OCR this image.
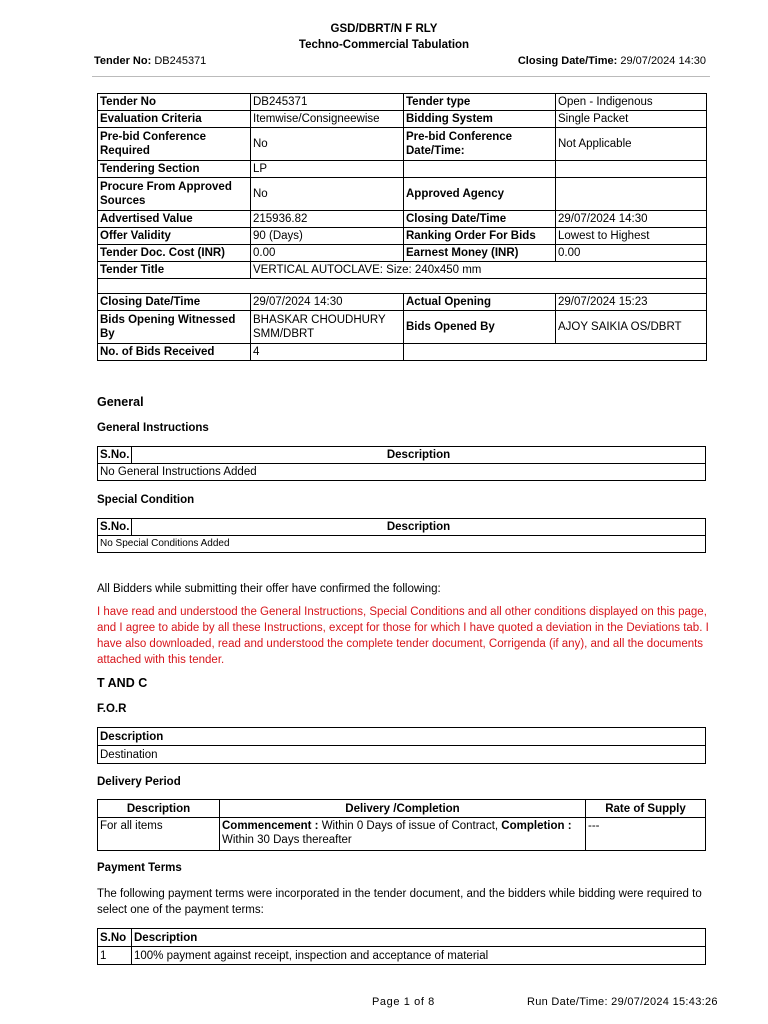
GSD/DBRT/N F RLY
Techno-Commercial Tabulation
Tender No: DB245371	Closing Date/Time: 29/07/2024 14:30
Tender No	DB245371	Tender type	Open - Indigenous
Evaluation Criteria	Itemwise/Consigneewise	Bidding System	Single Packet
Pre-bid Conference Required	No	Pre-bid Conference Date/Time:	Not Applicable
Tendering Section	LP		
Procure From Approved Sources	No	Approved Agency	
Advertised Value	215936.82	Closing Date/Time	29/07/2024 14:30
Offer Validity	90 (Days)	Ranking Order For Bids	Lowest to Highest
Tender Doc. Cost (INR)	0.00	Earnest Money (INR)	0.00
Tender Title	VERTICAL AUTOCLAVE: Size: 240x450 mm		

Closing Date/Time	29/07/2024 14:30	Actual Opening	29/07/2024 15:23
Bids Opening Witnessed By	BHASKAR CHOUDHURY SMM/DBRT	Bids Opened By	AJOY SAIKIA OS/DBRT
No. of Bids Received	4		
General
General Instructions
S.No.	Description
No General Instructions Added
Special Condition
S.No.	Description
No Special Conditions Added
All Bidders while submitting their offer have confirmed the following:
I have read and understood the General Instructions, Special Conditions and all other conditions displayed on this page, and I agree to abide by all these Instructions, except for those for which I have quoted a deviation in the Deviations tab. I have also downloaded, read and understood the complete tender document, Corrigenda (if any), and all the documents attached with this tender.
T AND C
F.O.R
Description
Destination
Delivery Period
Description	Delivery /Completion	Rate of Supply
For all items	Commencement : Within 0 Days of issue of Contract, Completion : Within 30 Days thereafter	---
Payment Terms
The following payment terms were incorporated in the tender document, and the bidders while bidding were required to select one of the payment terms:
S.No	Description
1	100% payment against receipt, inspection and acceptance of material
Page 1 of 8	Run Date/Time: 29/07/2024 15:43:26
